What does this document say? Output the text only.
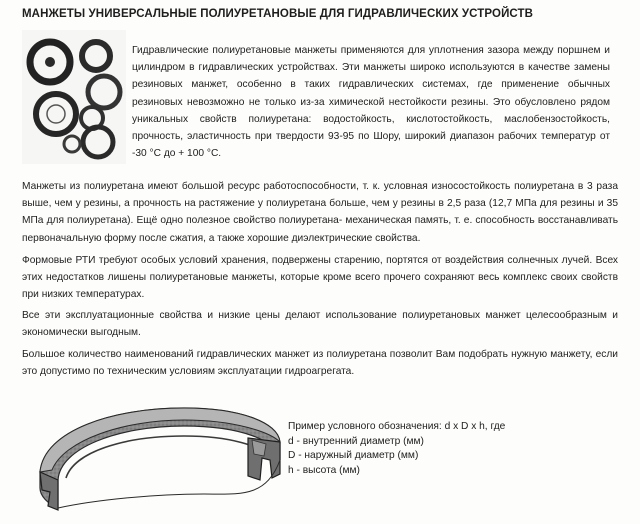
МАНЖЕТЫ УНИВЕРСАЛЬНЫЕ ПОЛИУРЕТАНОВЫЕ ДЛЯ ГИДРАВЛИЧЕСКИХ УСТРОЙСТВ
Гидравлические полиуретановые манжеты применяются для уплотнения зазора между поршнем и цилиндром в гидравлических устройствах. Эти манжеты широко используются в качестве замены резиновых манжет, особенно в таких гидравлических системах, где применение обычных резиновых невозможно не только из-за химической нестойкости резины. Это обусловлено рядом уникальных свойств полиуретана: водостойкость, кислотостойкость, маслобензостойкость, прочность, эластичность при твердости 93-95 по Шору, широкий диапазон рабочих температур от -30 °С до + 100 °С.
Манжеты из полиуретана имеют большой ресурс работоспособности, т. к. условная износостойкость полиуретана в 3 раза выше, чем у резины, а прочность на растяжение у полиуретана больше, чем у резины в 2,5 раза (12,7 МПа для резины и 35 МПа для полиуретана). Ещё одно полезное свойство полиуретана- механическая память, т. е. способность восстанавливать первоначальную форму после сжатия, а также хорошие диэлектрические свойства.
Формовые РТИ требуют особых условий хранения, подвержены старению, портятся от воздействия солнечных лучей. Всех этих недостатков лишены полиуретановые манжеты, которые кроме всего прочего сохраняют весь комплекс своих свойств при низких температурах.
Все эти эксплуатационные свойства и низкие цены делают использование полиуретановых манжет целесообразным и экономически выгодным.
Большое количество наименований гидравлических манжет из полиуретана позволит Вам подобрать нужную манжету, если это допустимо по техническим условиям эксплуатации гидроагрегата.
Пример условного обозначения: d x D x h, где
d - внутренний диаметр (мм)
D - наружный диаметр (мм)
h - высота (мм)
